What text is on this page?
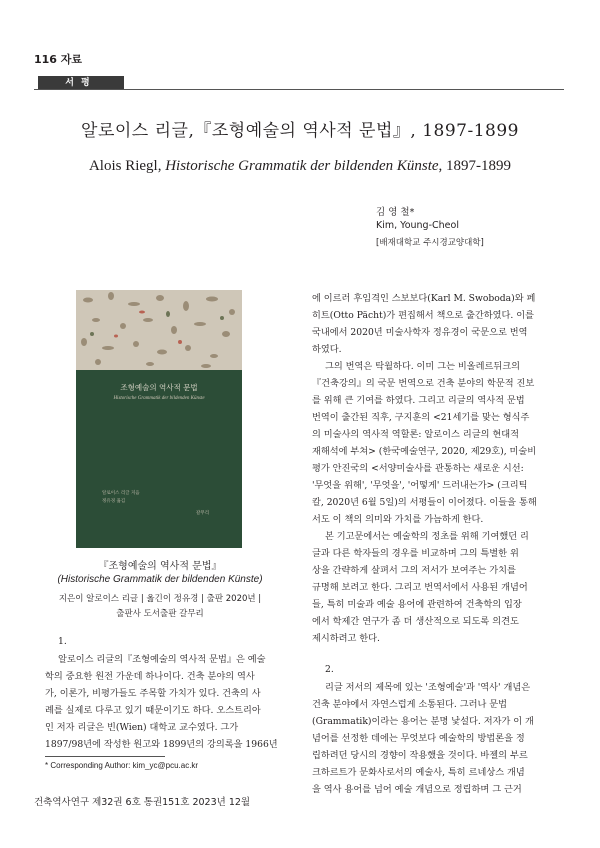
116 자료
서평
알로이스 리글,『조형예술의 역사적 문법』, 1897-1899
Alois Riegl, Historische Grammatik der bildenden Künste, 1897-1899
김 영 철*
Kim, Young-Cheol
[배재대학교 주시경교양대학]
조형예술의 역사적 문법
Historische Grammatik der bildenden Künste
알로이스 리글 지음
정유경 옮김
갈무리
『조형예술의 역사적 문법』
(Historische Grammatik der bildenden Künste)
지은이 알로이스 리글 | 옮긴이 정유경 | 출판 2020년 |
출판사 도서출판 갈무리
1.
알로이스 리글의『조형예술의 역사적 문법』은 예술
학의 중요한 원전 가운데 하나이다. 건축 분야의 역사
가, 이론가, 비평가들도 주목할 가치가 있다. 건축의 사
례를 실제로 다루고 있기 때문이기도 하다. 오스트리아
인 저자 리글은 빈(Wien) 대학교 교수였다. 그가
1897/98년에 작성한 원고와 1899년의 강의록을 1966년
에 이르러 후임격인 스보보다(Karl M. Swoboda)와 페
히트(Otto Pächt)가 편집해서 책으로 출간하였다. 이를
국내에서 2020년 미술사학자 정유경이 국문으로 번역
하였다.
그의 번역은 탁월하다. 이미 그는 비올레르뒤크의
『건축강의』의 국문 번역으로 건축 분야의 학문적 진보
를 위해 큰 기여를 하였다. 그리고 리글의 역사적 문법
번역이 출간된 직후, 구지훈의 <21세기를 맞는 형식주
의 미술사의 역사적 역할론: 알로이스 리글의 현대적
재해석에 부쳐> (한국예술연구, 2020, 제29호), 미술비
평가 안진국의 <서양미술사를 관통하는 새로운 시선:
'무엇을 위해', '무엇을', '어떻게' 드러내는가> (크리틱
칼, 2020년 6월 5일)의 서평들이 이어졌다. 이들을 통해
서도 이 책의 의미와 가치를 가늠하게 한다.
본 기고문에서는 예술학의 정초를 위해 기여했던 리
글과 다른 학자들의 경우를 비교하며 그의 특별한 위
상을 간략하게 살펴서 그의 저서가 보여주는 가치를
규명해 보려고 한다. 그리고 번역서에서 사용된 개념어
들, 특히 미술과 예술 용어에 관련하여 건축학의 입장
에서 학제간 연구가 좀 더 생산적으로 되도록 의견도
제시하려고 한다.
2.
리글 저서의 제목에 있는 '조형예술'과 '역사' 개념은
건축 분야에서 자연스럽게 소통된다. 그러나 문법
(Grammatik)이라는 용어는 분명 낯설다. 저자가 이 개
념어를 선정한 데에는 무엇보다 예술학의 방법론을 정
립하려던 당시의 경향이 작용했을 것이다. 바젤의 부르
크하르트가 문화사로서의 예술사, 특히 르네상스 개념
을 역사 용어를 넘어 예술 개념으로 정립하며 그 근거
* Corresponding Author: kim_yc@pcu.ac.kr
건축역사연구 제32권 6호 통권151호 2023년 12월
